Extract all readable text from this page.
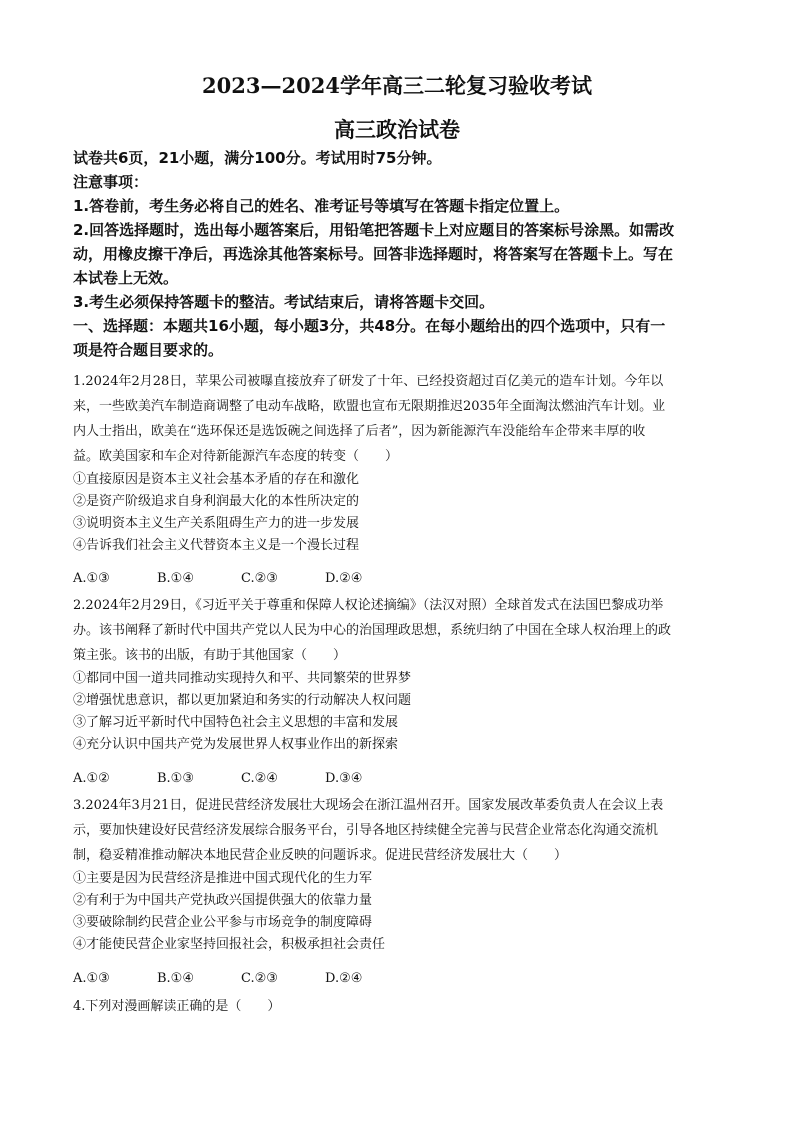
2023—2024学年高三二轮复习验收考试
高三政治试卷
试卷共6页，21小题，满分100分。考试用时75分钟。
注意事项：
1.答卷前，考生务必将自己的姓名、准考证号等填写在答题卡指定位置上。
2.回答选择题时，选出每小题答案后，用铅笔把答题卡上对应题目的答案标号涂黑。如需改
动，用橡皮擦干净后，再选涂其他答案标号。回答非选择题时，将答案写在答题卡上。写在
本试卷上无效。
3.考生必须保持答题卡的整洁。考试结束后，请将答题卡交回。
一、选择题：本题共16小题，每小题3分，共48分。在每小题给出的四个选项中，只有一
项是符合题目要求的。
1.2024年2月28日，苹果公司被曝直接放弃了研发了十年、已经投资超过百亿美元的造车计划。今年以
来，一些欧美汽车制造商调整了电动车战略，欧盟也宣布无限期推迟2035年全面淘汰燃油汽车计划。业
内人士指出，欧美在“选环保还是选饭碗之间选择了后者”，因为新能源汽车没能给车企带来丰厚的收
益。欧美国家和车企对待新能源汽车态度的转变（　　）
①直接原因是资本主义社会基本矛盾的存在和激化
②是资产阶级追求自身利润最大化的本性所决定的
③说明资本主义生产关系阻碍生产力的进一步发展
④告诉我们社会主义代替资本主义是一个漫长过程
A.①③	B.①④	C.②③	D.②④
2.2024年2月29日，《习近平关于尊重和保障人权论述摘编》（法汉对照）全球首发式在法国巴黎成功举
办。该书阐释了新时代中国共产党以人民为中心的治国理政思想，系统归纳了中国在全球人权治理上的政
策主张。该书的出版，有助于其他国家（　　）
①都同中国一道共同推动实现持久和平、共同繁荣的世界梦
②增强忧患意识，都以更加紧迫和务实的行动解决人权问题
③了解习近平新时代中国特色社会主义思想的丰富和发展
④充分认识中国共产党为发展世界人权事业作出的新探索
A.①②	B.①③	C.②④	D.③④
3.2024年3月21日，促进民营经济发展壮大现场会在浙江温州召开。国家发展改革委负责人在会议上表
示，要加快建设好民营经济发展综合服务平台，引导各地区持续健全完善与民营企业常态化沟通交流机
制，稳妥精准推动解决本地民营企业反映的问题诉求。促进民营经济发展壮大（　　）
①主要是因为民营经济是推进中国式现代化的生力军
②有利于为中国共产党执政兴国提供强大的依靠力量
③要破除制约民营企业公平参与市场竞争的制度障碍
④才能使民营企业家坚持回报社会，积极承担社会责任
A.①③	B.①④	C.②③	D.②④
4.下列对漫画解读正确的是（　　）
